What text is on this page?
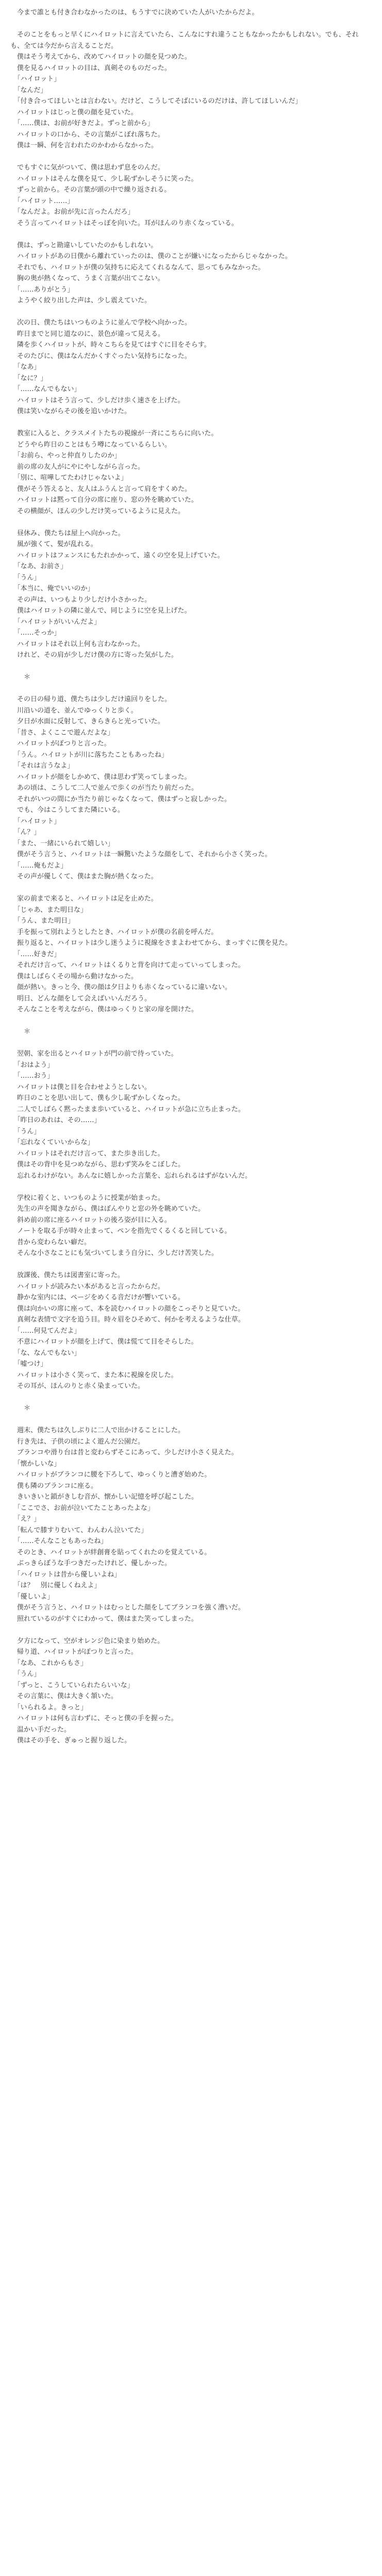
　今まで誰とも付き合わなかったのは、もうすでに決めていた人がいたからだよ。

　そのことをもっと早くにハイロットに言えていたら、こんなにすれ違うこともなかったかもしれない。でも、それも、全ては今だから言えることだ。

　僕はそう考えてから、改めてハイロットの顔を見つめた。

　僕を見るハイロットの目は、真剣そのものだった。

　「ハイロット」

　「なんだ」

　「付き合ってほしいとは言わない。だけど、こうしてそばにいるのだけは、許してほしいんだ」

　ハイロットはじっと僕の顔を見ていた。

　「……僕は、お前が好きだよ。ずっと前から」

　ハイロットの口から、その言葉がこぼれ落ちた。

　僕は一瞬、何を言われたのかわからなかった。

　でもすぐに気がついて、僕は思わず息をのんだ。

　ハイロットはそんな僕を見て、少し恥ずかしそうに笑った。

　ずっと前から。その言葉が頭の中で繰り返される。

　「ハイロット……」

　「なんだよ。お前が先に言ったんだろ」

　そう言ってハイロットはそっぽを向いた。耳がほんのり赤くなっている。

　僕は、ずっと勘違いしていたのかもしれない。

　ハイロットがあの日僕から離れていったのは、僕のことが嫌いになったからじゃなかった。

　それでも、ハイロットが僕の気持ちに応えてくれるなんて、思ってもみなかった。

　胸の奥が熱くなって、うまく言葉が出てこない。

　「……ありがとう」

　ようやく絞り出した声は、少し震えていた。

　次の日、僕たちはいつものように並んで学校へ向かった。

　昨日までと同じ道なのに、景色が違って見える。

　隣を歩くハイロットが、時々こちらを見てはすぐに目をそらす。

　そのたびに、僕はなんだかくすぐったい気持ちになった。

　「なあ」

　「なに？」

　「……なんでもない」

　ハイロットはそう言って、少しだけ歩く速さを上げた。

　僕は笑いながらその後を追いかけた。

　教室に入ると、クラスメイトたちの視線が一斉にこちらに向いた。

　どうやら昨日のことはもう噂になっているらしい。

　「お前ら、やっと仲直りしたのか」

　前の席の友人がにやにやしながら言った。

　「別に、喧嘩してたわけじゃないよ」

　僕がそう答えると、友人はふうんと言って肩をすくめた。

　ハイロットは黙って自分の席に座り、窓の外を眺めていた。

　その横顔が、ほんの少しだけ笑っているように見えた。

　昼休み、僕たちは屋上へ向かった。

　風が強くて、髪が乱れる。

　ハイロットはフェンスにもたれかかって、遠くの空を見上げていた。

　「なあ、お前さ」

　「うん」

　「本当に、俺でいいのか」

　その声は、いつもより少しだけ小さかった。

　僕はハイロットの隣に並んで、同じように空を見上げた。

　「ハイロットがいいんだよ」

　「……そっか」

　ハイロットはそれ以上何も言わなかった。

　けれど、その肩が少しだけ僕の方に寄った気がした。

　　＊

　その日の帰り道、僕たちは少しだけ遠回りをした。

　川沿いの道を、並んでゆっくりと歩く。

　夕日が水面に反射して、きらきらと光っていた。

　「昔さ、よくここで遊んだよな」

　ハイロットがぽつりと言った。

　「うん。ハイロットが川に落ちたこともあったね」

　「それは言うなよ」

　ハイロットが顔をしかめて、僕は思わず笑ってしまった。

　あの頃は、こうして二人で並んで歩くのが当たり前だった。

　それがいつの間にか当たり前じゃなくなって、僕はずっと寂しかった。

　でも、今はこうしてまた隣にいる。

　「ハイロット」

　「ん？」

　「また、一緒にいられて嬉しい」

　僕がそう言うと、ハイロットは一瞬驚いたような顔をして、それから小さく笑った。

　「……俺もだよ」

　その声が優しくて、僕はまた胸が熱くなった。

　家の前まで来ると、ハイロットは足を止めた。

　「じゃあ、また明日な」

　「うん、また明日」

　手を振って別れようとしたとき、ハイロットが僕の名前を呼んだ。

　振り返ると、ハイロットは少し迷うように視線をさまよわせてから、まっすぐに僕を見た。

　「……好きだ」

　それだけ言って、ハイロットはくるりと背を向けて走っていってしまった。

　僕はしばらくその場から動けなかった。

　顔が熱い。きっと今、僕の顔は夕日よりも赤くなっているに違いない。

　明日、どんな顔をして会えばいいんだろう。

　そんなことを考えながら、僕はゆっくりと家の扉を開けた。

　　＊

　翌朝、家を出るとハイロットが門の前で待っていた。

　「おはよう」

　「……おう」

　ハイロットは僕と目を合わせようとしない。

　昨日のことを思い出して、僕も少し恥ずかしくなった。

　二人でしばらく黙ったまま歩いていると、ハイロットが急に立ち止まった。

　「昨日のあれは、その……」

　「うん」

　「忘れなくていいからな」

　ハイロットはそれだけ言って、また歩き出した。

　僕はその背中を見つめながら、思わず笑みをこぼした。

　忘れるわけがない。あんなに嬉しかった言葉を、忘れられるはずがないんだ。

　学校に着くと、いつものように授業が始まった。

　先生の声を聞きながら、僕はぼんやりと窓の外を眺めていた。

　斜め前の席に座るハイロットの後ろ姿が目に入る。

　ノートを取る手が時々止まって、ペンを指先でくるくると回している。

　昔から変わらない癖だ。

　そんな小さなことにも気づいてしまう自分に、少しだけ苦笑した。

　放課後、僕たちは図書室に寄った。

　ハイロットが読みたい本があると言ったからだ。

　静かな室内には、ページをめくる音だけが響いている。

　僕は向かいの席に座って、本を読むハイロットの顔をこっそりと見ていた。

　真剣な表情で文字を追う目。時々眉をひそめて、何かを考えるような仕草。

　「……何見てんだよ」

　不意にハイロットが顔を上げて、僕は慌てて目をそらした。

　「な、なんでもない」

　「嘘つけ」

　ハイロットは小さく笑って、また本に視線を戻した。

　その耳が、ほんのりと赤く染まっていた。

　　＊

　週末、僕たちは久しぶりに二人で出かけることにした。

　行き先は、子供の頃によく遊んだ公園だ。

　ブランコや滑り台は昔と変わらずそこにあって、少しだけ小さく見えた。

　「懐かしいな」

　ハイロットがブランコに腰を下ろして、ゆっくりと漕ぎ始めた。

　僕も隣のブランコに座る。

　きいきいと鎖がきしむ音が、懐かしい記憶を呼び起こした。

　「ここでさ、お前が泣いてたことあったよな」

　「え？」

　「転んで膝すりむいて、わんわん泣いてた」

　「……そんなこともあったね」

　そのとき、ハイロットが絆創膏を貼ってくれたのを覚えている。

　ぶっきらぼうな手つきだったけれど、優しかった。

　「ハイロットは昔から優しいよね」

　「は？　別に優しくねえよ」

　「優しいよ」

　僕がそう言うと、ハイロットはむっとした顔をしてブランコを強く漕いだ。

　照れているのがすぐにわかって、僕はまた笑ってしまった。

　夕方になって、空がオレンジ色に染まり始めた。

　帰り道、ハイロットがぽつりと言った。

　「なあ、これからもさ」

　「うん」

　「ずっと、こうしていられたらいいな」

　その言葉に、僕は大きく頷いた。

　「いられるよ。きっと」

　ハイロットは何も言わずに、そっと僕の手を握った。

　温かい手だった。

　僕はその手を、ぎゅっと握り返した。
